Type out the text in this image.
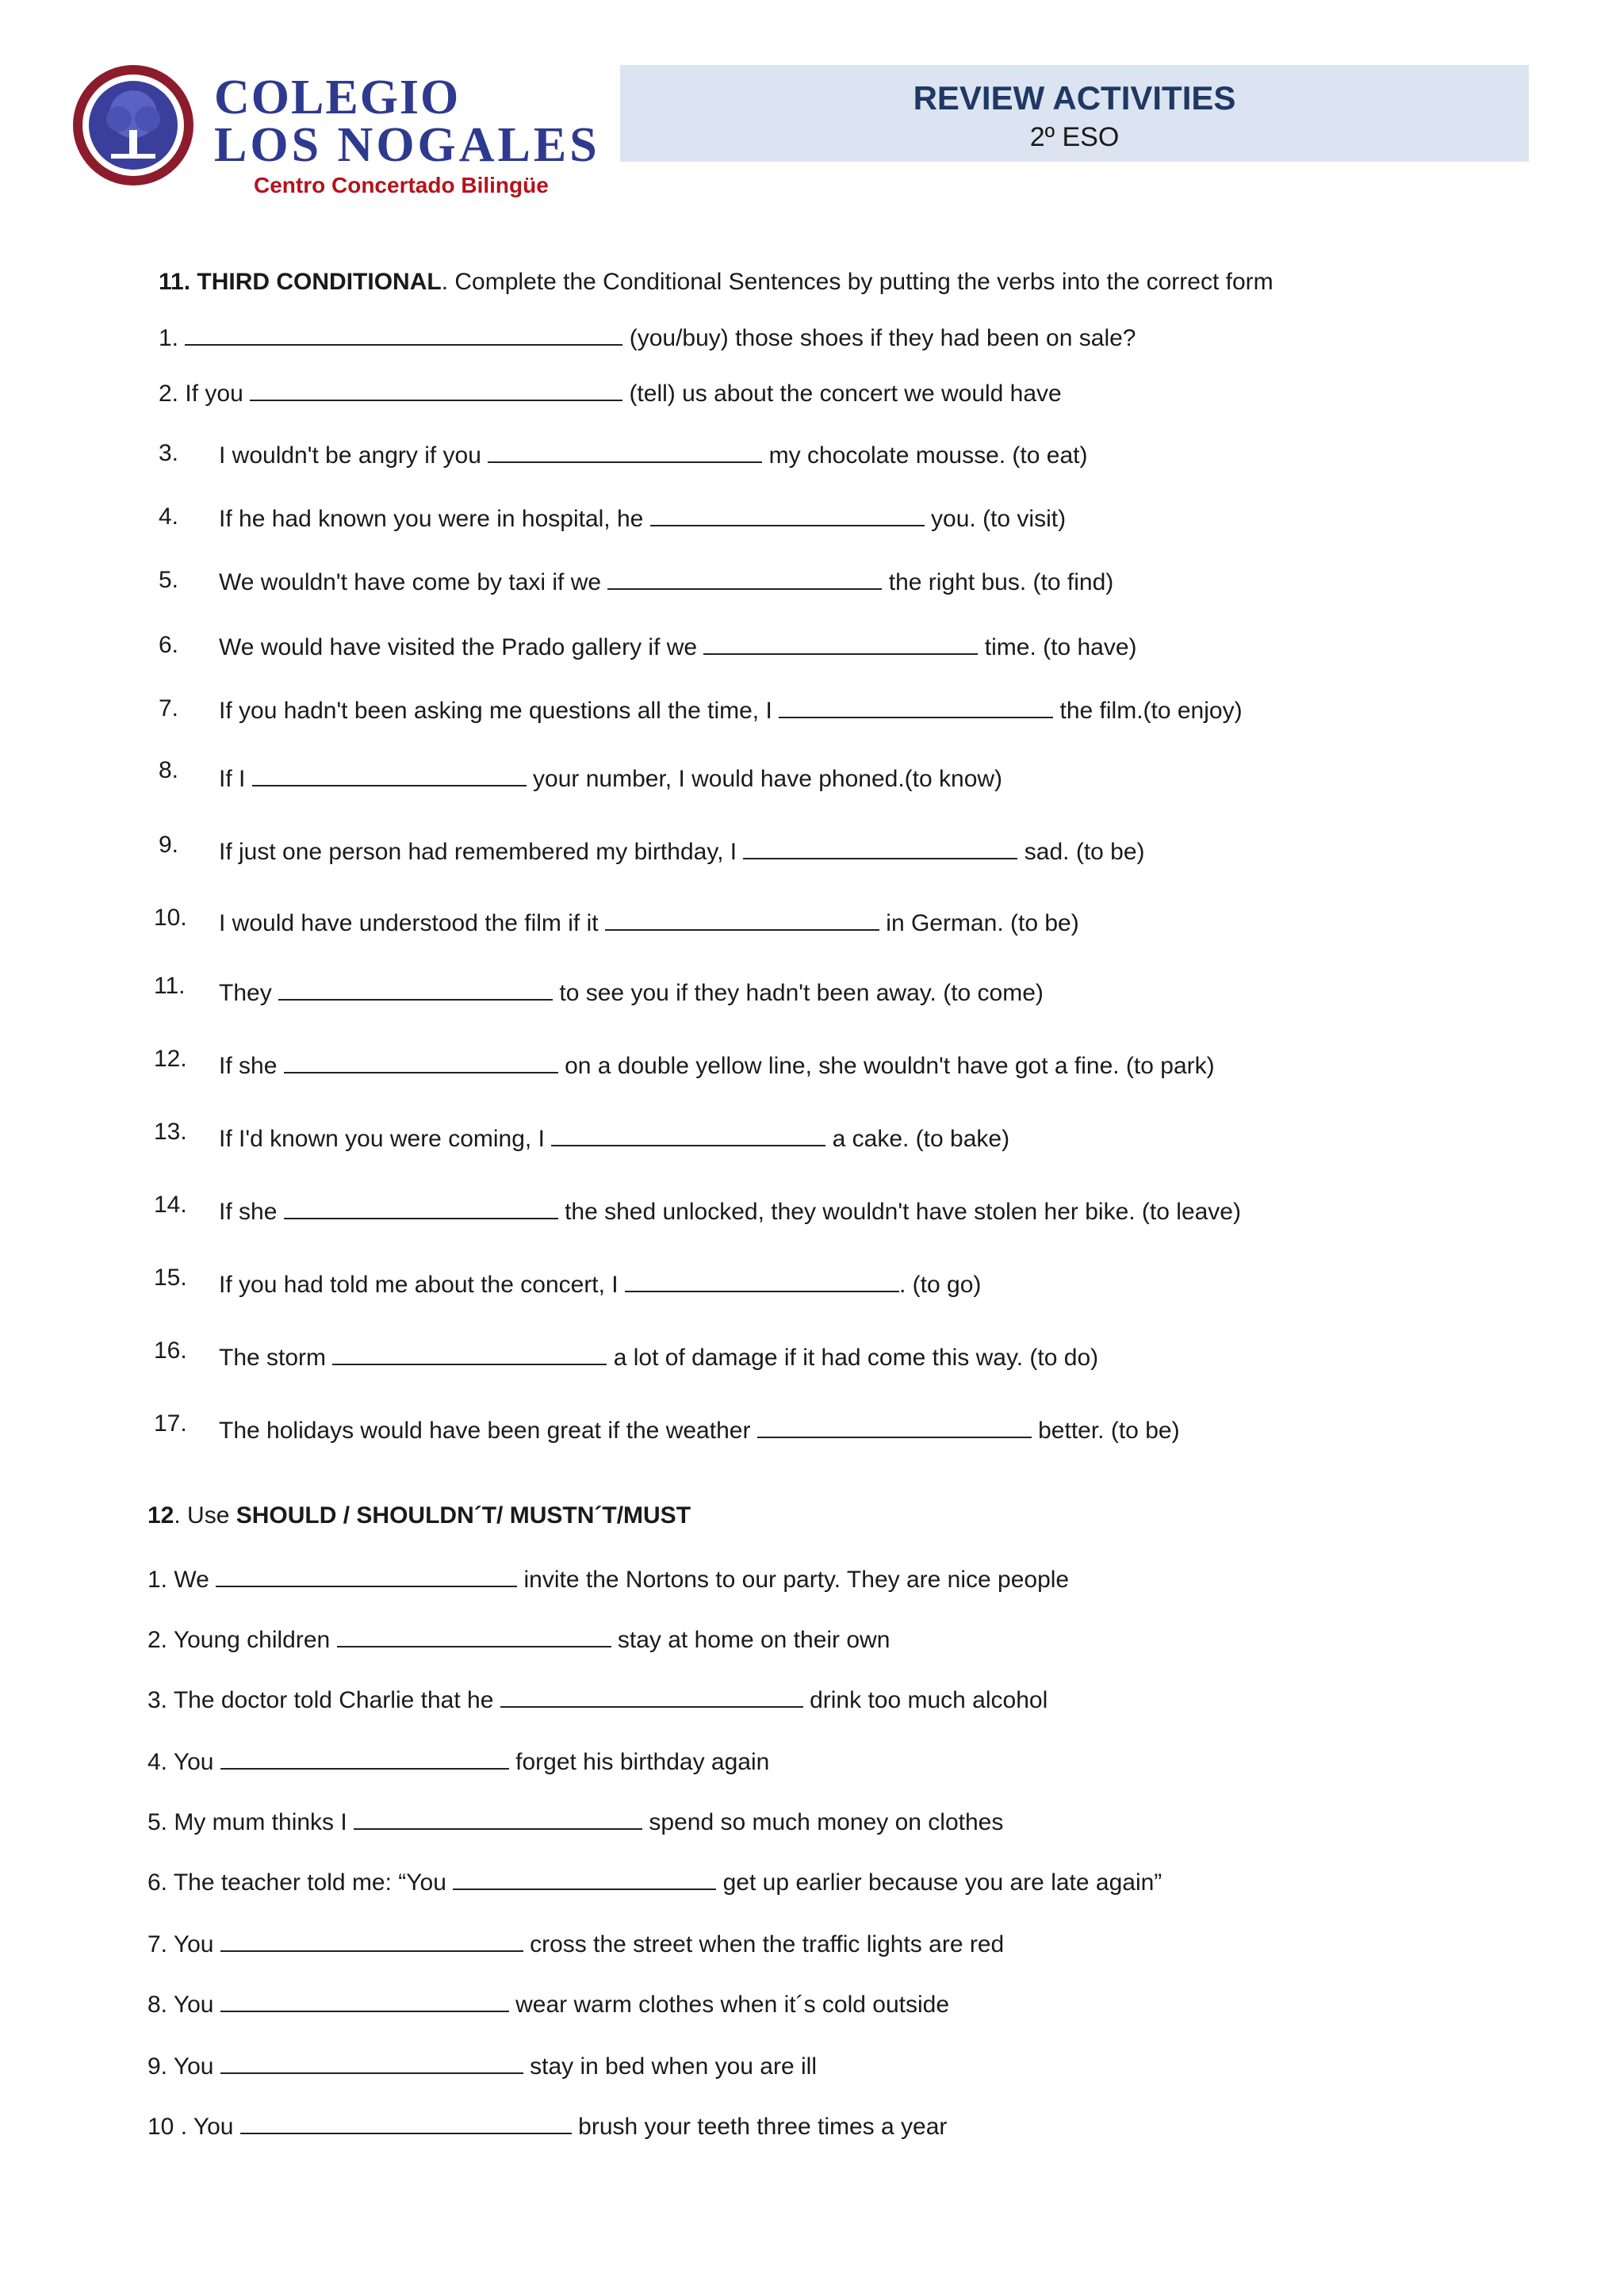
COLEGIO
LOS NOGALES
Centro Concertado Bilingüe
REVIEW ACTIVITIES
2º ESO
11. THIRD CONDITIONAL. Complete the Conditional Sentences by putting the verbs into the correct form
1.	(you/buy) those shoes if they had been on sale?
2. If you	(tell) us about the concert we would have
3. I wouldn't be angry if you	my chocolate mousse. (to eat)
4. If he had known you were in hospital, he	you. (to visit)
5. We wouldn't have come by taxi if we	the right bus. (to find)
6. We would have visited the Prado gallery if we	time. (to have)
7. If you hadn't been asking me questions all the time, I	the film.(to enjoy)
8. If I	your number, I would have phoned.(to know)
9. If just one person had remembered my birthday, I	sad. (to be)
10. I would have understood the film if it	in German. (to be)
11. They	to see you if they hadn't been away. (to come)
12. If she	on a double yellow line, she wouldn't have got a fine. (to park)
13. If I'd known you were coming, I	a cake. (to bake)
14. If she	the shed unlocked, they wouldn't have stolen her bike. (to leave)
15. If you had told me about the concert, I	. (to go)
16. The storm	a lot of damage if it had come this way. (to do)
17. The holidays would have been great if the weather	better. (to be)
12. Use SHOULD / SHOULDN´T/ MUSTN´T/MUST
1. We	invite the Nortons to our party. They are nice people
2. Young children	stay at home on their own
3. The doctor told Charlie that he	drink too much alcohol
4. You	forget his birthday again
5. My mum thinks I	spend so much money on clothes
6. The teacher told me: “You	get up earlier because you are late again”
7. You	cross the street when the traffic lights are red
8. You	wear warm clothes when it´s cold outside
9. You	stay in bed when you are ill
10 . You	brush your teeth three times a year
